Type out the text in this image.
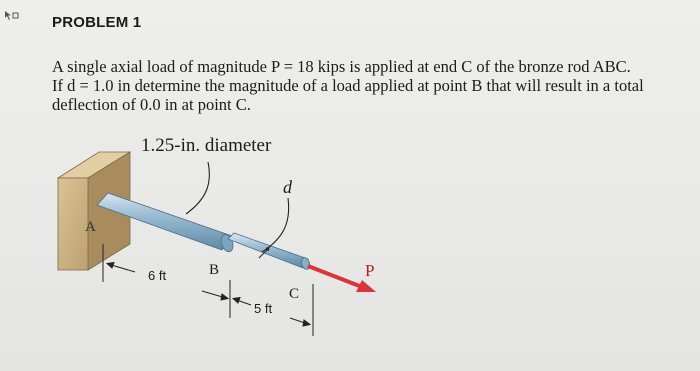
PROBLEM 1

A single axial load of magnitude P = 18 kips is applied at end C of the bronze rod ABC.

If d = 1.0 in determine the magnitude of a load applied at point B that will result in a total

deflection of 0.0 in at point C.

1.25-in. diameter
d
A
B
C
P
6 ft
5 ft
